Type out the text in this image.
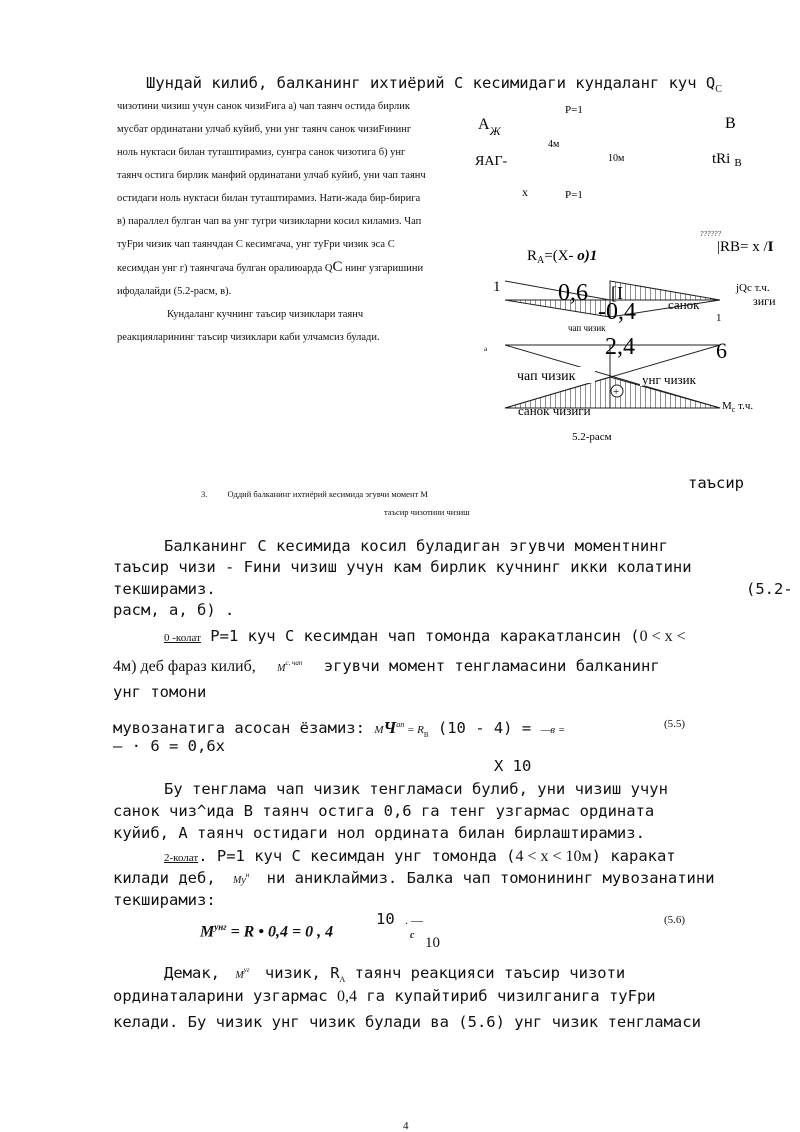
Шундай килиб, балканинг ихтиёрий С кесимидаги кундаланг куч $Q_C$
чизотини чизиш учун санок чизиFига а) чап таянч остида бирлик
мусбат ординатани улчаб куйиб, уни унг таянч санок чизиFининг
ноль нуктаси билан туташтирамиз, сунгра санок чизотига б) унг
таянч остига бирлик манфий ординатани улчаб куйиб, уни чап таянч
остидаги ноль нуктаси билан туташтирамиз. Нати-жада бир-бирига
в) параллел булган чап ва унг тугри чизикларни косил киламиз. Чап
туFри чизик чап таянчдан С кесимгача, унг туFри чизик эса С
кесимдан унг г) таянчгача булган оралиюарда QС нинг узгаришини
ифодалайди (5.2-расм, в).
Кундаланг кучнинг таъсир чизиклари таянч
реакцияларининг таъсир чизиклари каби улчамсиз булади.
P=1
$А_Ж$	В
4м
ЯАГ-	10м	tRi $_В$
х	P=1
??????
$R_A=(X-$ о)1
|RB= х /I
1 0,6 [I
-0,4 санок
jQc т.ч.
зиги
1
чап чизик
2,4	6
а
чап чизик	унг чизик
+
санок чизиги	$М_с$ т.ч.
5.2-расм
таъсир
3. Оддий балканинг ихтиёрий кесимида эгувчи момент М
таъсир чизотини чизиш
Балканинг С кесимида косил буладиган эгувчи моментнинг
таъсир чизи - Fини чизиш учун кам бирлик кучнинг икки колатини
текширамиз.	(5.2-
расм, а, б) .
0 -колат Р=1 куч С кесимдан чап томонда каракатлансин (0 < х <
4м) деб фараз килиб, $M^{с, чап}$ эгувчи момент тенгламасини балканинг
унг томони
мувозанатига асосан ёзамиз: $МЧ^{ап} = R_B$ (10 - 4) = —в =	(5.5)
— · 6 = 0,6х
Х 10
Бу тенглама чап чизик тенгламаси булиб, уни чизиш учун
санок чиз^ида В таянч остига 0,6 га тенг узгармас ордината
куйиб, А таянч остидаги нол ордината билан бирлаштирамиз.
2-колат. Р=1 куч С кесимдан унг томонда (4 < х < 10м) каракат
килади деб, $Му^н$ ни аниклаймиз. Балка чап томонининг мувозанатини
текширамиз:
$M^{унг} = R$ • 0,4 = 0 , 4
10 . —
с 10
(5.6)
Демак, $М^{уг}$ чизик, $R_A$ таянч реакцияси таъсир чизоти
ординаталарини узгармас 0,4 га купайтириб чизилганига туFри
келади. Бу чизик унг чизик булади ва (5.6) унг чизик тенгламаси
4
